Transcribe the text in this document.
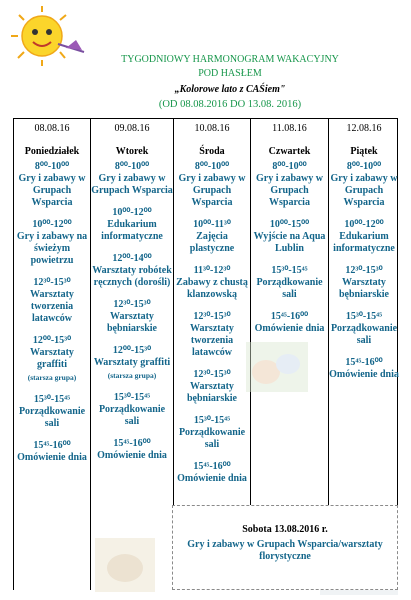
TYGODNIOWY HARMONOGRAM WAKACYJNY
POD HASŁEM
„Kolorowe lato z CAŚiem"
(OD 08.08.2016 DO 13.08. 2016)
08.08.16
Poniedziałek
8⁰⁰-10⁰⁰
Gry i zabawy w Grupach Wsparcia
10⁰⁰-12⁰⁰
Gry i zabawy na świeżym powietrzu
12³⁰-15³⁰
Warsztaty tworzenia latawców
12⁰⁰-15³⁰
Warsztaty graffiti
(starsza grupa)
15³⁰-15⁴⁵
Porządkowanie sali
15⁴⁵-16⁰⁰
Omówienie dnia
09.08.16
Wtorek
8⁰⁰-10⁰⁰
Gry i zabawy w Grupach Wsparcia
10⁰⁰-12⁰⁰
Edukarium informatyczne
12⁰⁰-14⁰⁰
Warsztaty robótek ręcznych (dorośli)
12³⁰-15³⁰
Warsztaty bębniarskie
12⁰⁰-15³⁰
Warsztaty graffiti
(starsza grupa)
15³⁰-15⁴⁵
Porządkowanie sali
15⁴⁵-16⁰⁰
Omówienie dnia
10.08.16
Środa
8⁰⁰-10⁰⁰
Gry i zabawy w Grupach Wsparcia
10⁰⁰-11³⁰
Zajęcia plastyczne
11³⁰-12³⁰
Zabawy z chustą klanzowską
12³⁰-15³⁰
Warsztaty tworzenia latawców
12³⁰-15³⁰
Warsztaty bębniarskie
15³⁰-15⁴⁵
Porządkowanie sali
15⁴⁵-16⁰⁰
Omówienie dnia
11.08.16
Czwartek
8⁰⁰-10⁰⁰
Gry i zabawy w Grupach Wsparcia
10⁰⁰-15⁰⁰
Wyjście na Aqua Lublin
15³⁰-15⁴⁵
Porządkowanie sali
15⁴⁵-16⁰⁰
Omówienie dnia
12.08.16
Piątek
8⁰⁰-10⁰⁰
Gry i zabawy w Grupach Wsparcia
10⁰⁰-12⁰⁰
Edukarium informatyczne
12³⁰-15³⁰
Warsztaty bębniarskie
15³⁰-15⁴⁵
Porządkowanie sali
15⁴⁵-16⁰⁰
Omówienie dnia
Sobota 13.08.2016 r.
Gry i zabawy w Grupach Wsparcia/warsztaty florystyczne
